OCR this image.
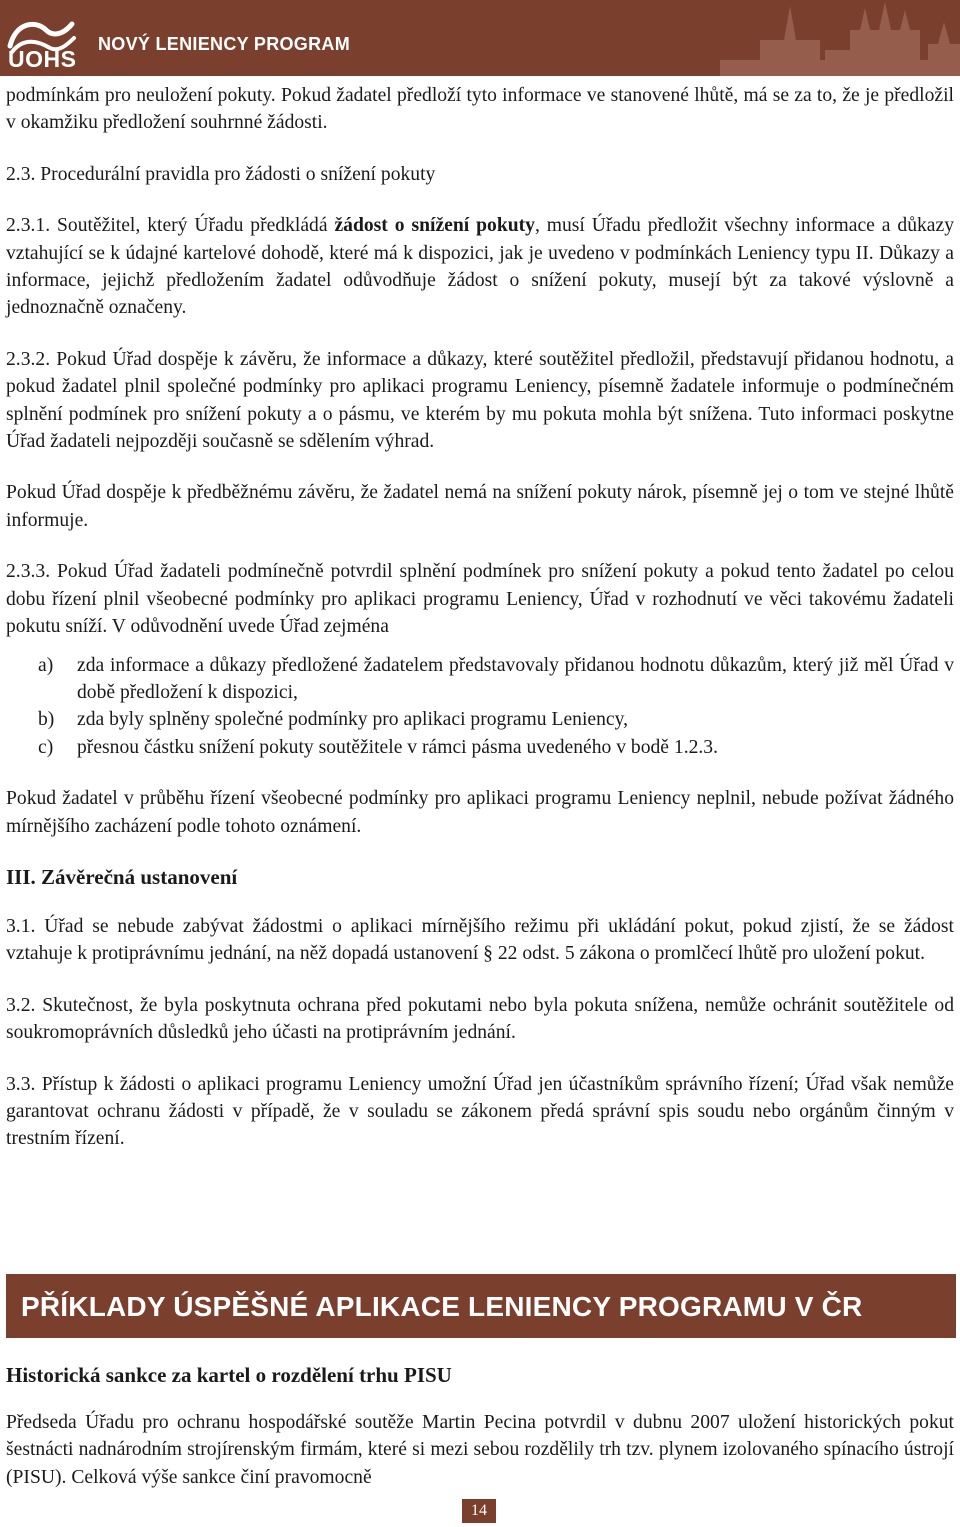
ÚOHS
NOVÝ LENIENCY PROGRAM

podmínkám pro neuložení pokuty. Pokud žadatel předloží tyto informace ve stanovené lhůtě, má se za to, že je předložil v okamžiku předložení souhrnné žádosti.

2.3. Procedurální pravidla pro žádosti o snížení pokuty

2.3.1. Soutěžitel, který Úřadu předkládá žádost o snížení pokuty, musí Úřadu předložit všechny informace a důkazy vztahující se k údajné kartelové dohodě, které má k dispozici, jak je uvedeno v podmínkách Leniency typu II. Důkazy a informace, jejichž předložením žadatel odůvodňuje žádost o snížení pokuty, musejí být za takové výslovně a jednoznačně označeny.

2.3.2. Pokud Úřad dospěje k závěru, že informace a důkazy, které soutěžitel předložil, představují přidanou hodnotu, a pokud žadatel plnil společné podmínky pro aplikaci programu Leniency, písemně žadatele informuje o podmínečném splnění podmínek pro snížení pokuty a o pásmu, ve kterém by mu pokuta mohla být snížena. Tuto informaci poskytne Úřad žadateli nejpozději současně se sdělením výhrad.

Pokud Úřad dospěje k předběžnému závěru, že žadatel nemá na snížení pokuty nárok, písemně jej o tom ve stejné lhůtě informuje.

2.3.3. Pokud Úřad žadateli podmínečně potvrdil splnění podmínek pro snížení pokuty a pokud tento žadatel po celou dobu řízení plnil všeobecné podmínky pro aplikaci programu Leniency, Úřad v rozhodnutí ve věci takovému žadateli pokutu sníží. V odůvodnění uvede Úřad zejména

a)	zda informace a důkazy předložené žadatelem představovaly přidanou hodnotu důkazům, který již měl Úřad v době předložení k dispozici,
b)	zda byly splněny společné podmínky pro aplikaci programu Leniency,
c)	přesnou částku snížení pokuty soutěžitele v rámci pásma uvedeného v bodě 1.2.3.

Pokud žadatel v průběhu řízení všeobecné podmínky pro aplikaci programu Leniency neplnil, nebude požívat žádného mírnějšího zacházení podle tohoto oznámení.

III. Závěrečná ustanovení

3.1. Úřad se nebude zabývat žádostmi o aplikaci mírnějšího režimu při ukládání pokut, pokud zjistí, že se žádost vztahuje k protiprávnímu jednání, na něž dopadá ustanovení § 22 odst. 5 zákona o promlčecí lhůtě pro uložení pokut.

3.2. Skutečnost, že byla poskytnuta ochrana před pokutami nebo byla pokuta snížena, nemůže ochránit soutěžitele od soukromoprávních důsledků jeho účasti na protiprávním jednání.

3.3. Přístup k žádosti o aplikaci programu Leniency umožní Úřad jen účastníkům správního řízení; Úřad však nemůže garantovat ochranu žádosti v případě, že v souladu se zákonem předá správní spis soudu nebo orgánům činným v trestním řízení.

PŘÍKLADY ÚSPĚŠNÉ APLIKACE LENIENCY PROGRAMU V ČR
Historická sankce za kartel o rozdělení trhu PISU

Předseda Úřadu pro ochranu hospodářské soutěže Martin Pecina potvrdil v dubnu 2007 uložení historických pokut šestnácti nadnárodním strojírenským firmám, které si mezi sebou rozdělily trh tzv. plynem izolovaného spínacího ústrojí (PISU). Celková výše sankce činí pravomocně

14
